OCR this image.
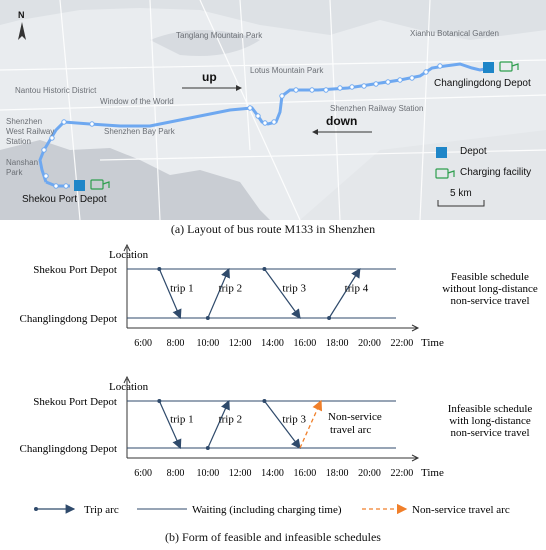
N
Tanglang Mountain Park
Lotus Mountain Park
Nantou Historic District
Window of the World
Shenzhen West Railway Station
Shenzhen Bay Park
Nanshan Park
Shenzhen Railway Station
Xianhu Botanical Garden
up
down
Changlingdong Depot
Shekou Port Depot
Depot
Charging facility
5 km
(a) Layout of bus route M133 in Shenzhen
Location
Time
6:00 8:00 10:00 12:00 14:00 16:00 18:00 20:00 22:00
Shekou Port Depot
Changlingdong Depot
trip 1 trip 2	trip 3	trip 4
Feasible schedule
without long-distance
non-service travel
Location
Time
6:00 8:00 10:00 12:00 14:00 16:00 18:00 20:00 22:00
Shekou Port Depot
Changlingdong Depot
trip 1 trip 2	trip 3 Non-service
travel arc
Infeasible schedule
with long-distance
non-service travel
Trip arc	Waiting (including charging time)	Non-service travel arc
(b) Form of feasible and infeasible schedules
